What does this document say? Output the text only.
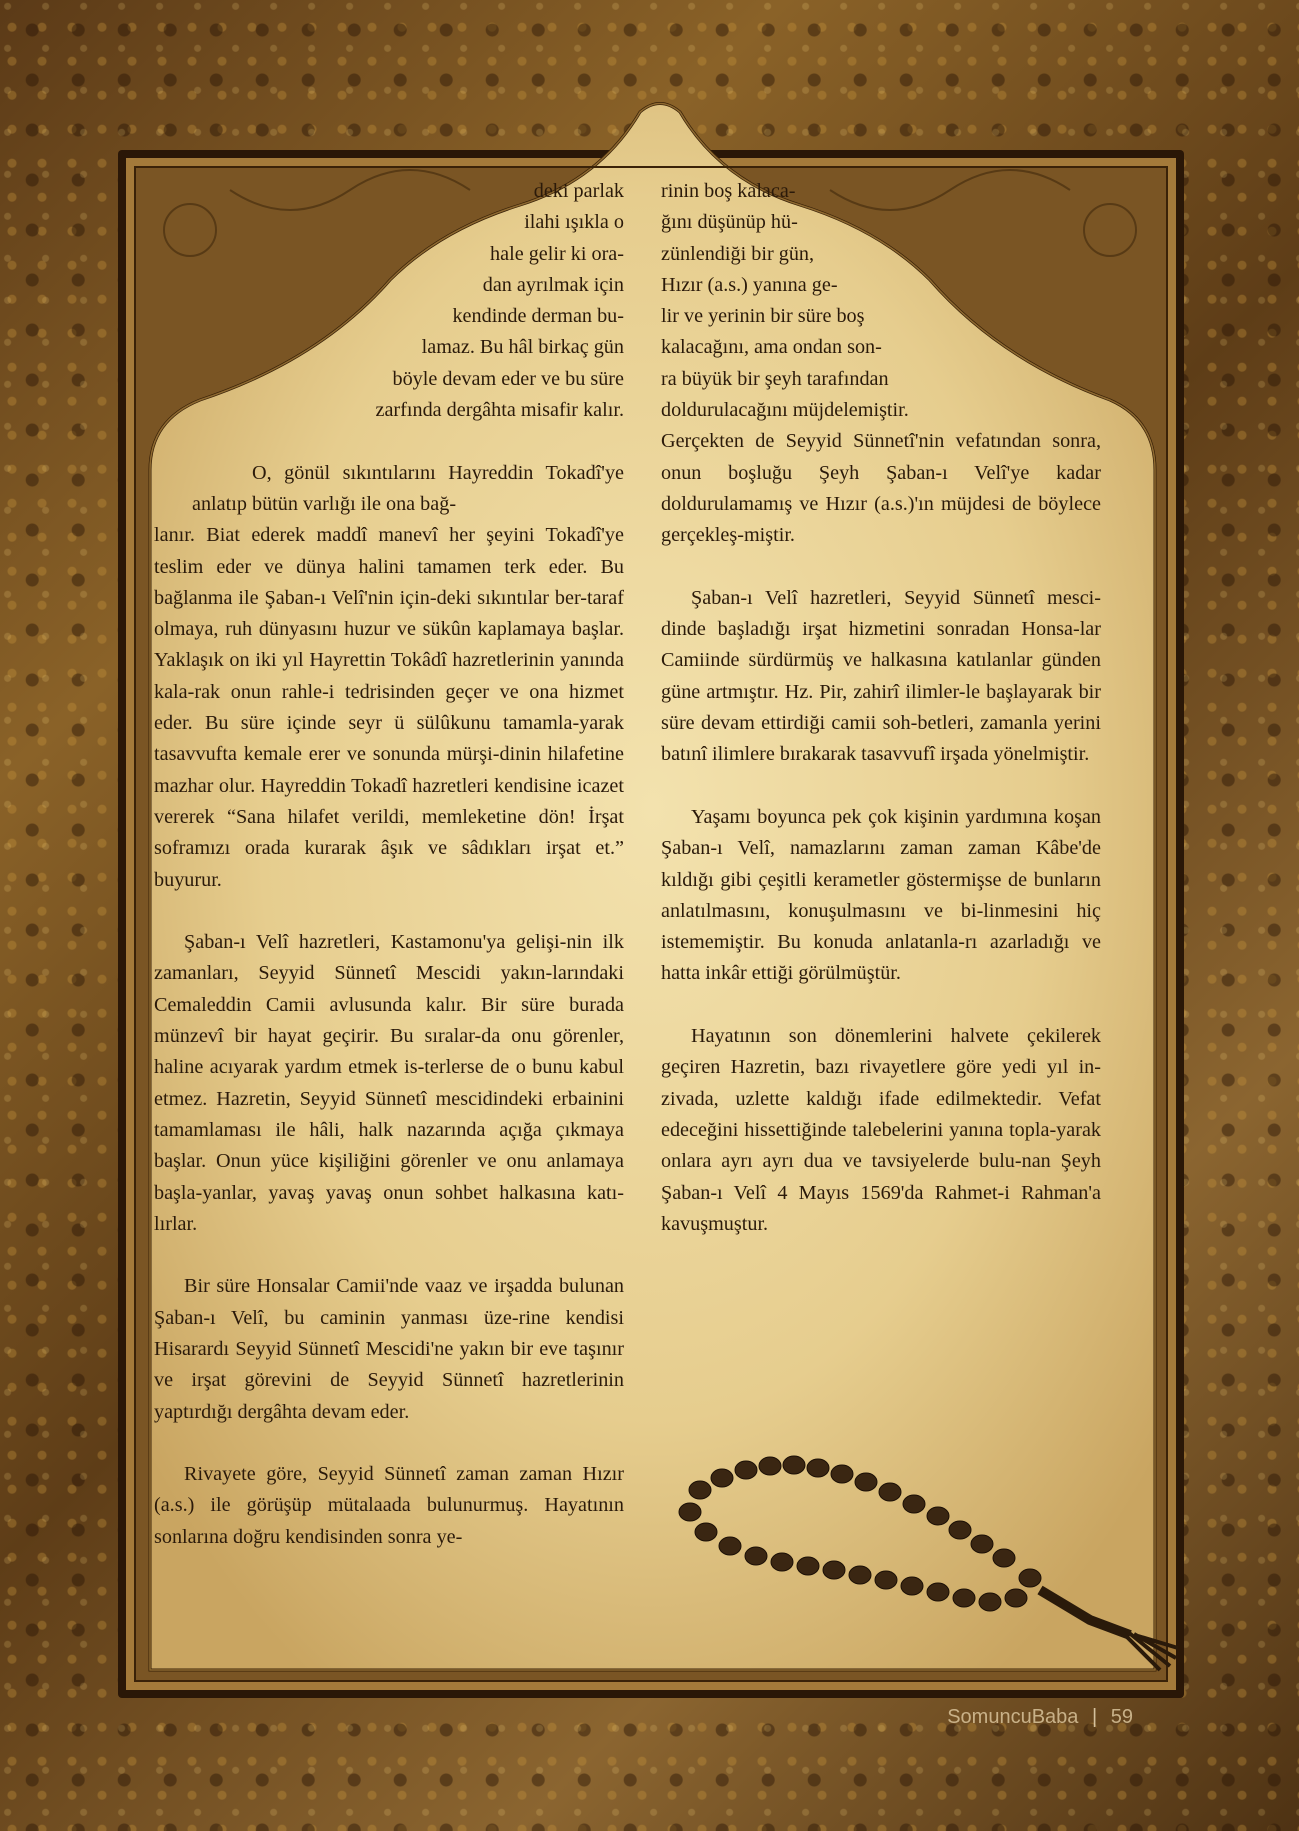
deki parlak
ilahi ışıkla o
hale gelir ki ora-
dan ayrılmak için
kendinde derman bu-
lamaz. Bu hâl birkaç gün
böyle devam eder ve bu süre
zarfında dergâhta misafir kalır.

O, gönül sıkıntılarını Hayreddin Tokadî'ye anlatıp bütün varlığı ile ona bağ-

lanır. Biat ederek maddî manevî her şeyini Tokadî'ye teslim eder ve dünya halini tamamen terk eder. Bu bağlanma ile Şaban-ı Velî'nin için-deki sıkıntılar ber-taraf olmaya, ruh dünyasını huzur ve sükûn kaplamaya başlar. Yaklaşık on iki yıl Hayrettin Tokâdî hazretlerinin yanında kala-rak onun rahle-i tedrisinden geçer ve ona hizmet eder. Bu süre içinde seyr ü sülûkunu tamamla-yarak tasavvufta kemale erer ve sonunda mürşi-dinin hilafetine mazhar olur. Hayreddin Tokadî hazretleri kendisine icazet vererek “Sana hilafet verildi, memleketine dön! İrşat soframızı orada kurarak âşık ve sâdıkları irşat et.” buyurur.

Şaban-ı Velî hazretleri, Kastamonu'ya gelişi-nin ilk zamanları, Seyyid Sünnetî Mescidi yakın-larındaki Cemaleddin Camii avlusunda kalır. Bir süre burada münzevî bir hayat geçirir. Bu sıralar-da onu görenler, haline acıyarak yardım etmek is-terlerse de o bunu kabul etmez. Hazretin, Seyyid Sünnetî mescidindeki erbainini tamamlaması ile hâli, halk nazarında açığa çıkmaya başlar. Onun yüce kişiliğini görenler ve onu anlamaya başla-yanlar, yavaş yavaş onun sohbet halkasına katı-lırlar.

Bir süre Honsalar Camii'nde vaaz ve irşadda bulunan Şaban-ı Velî, bu caminin yanması üze-rine kendisi Hisarardı Seyyid Sünnetî Mescidi'ne yakın bir eve taşınır ve irşat görevini de Seyyid Sünnetî hazretlerinin yaptırdığı dergâhta devam eder.

Rivayete göre, Seyyid Sünnetî zaman zaman Hızır (a.s.) ile görüşüp mütalaada bulunurmuş. Hayatının sonlarına doğru kendisinden sonra ye-

rinin boş kalaca-
ğını düşünüp hü-
zünlendiği bir gün,
Hızır (a.s.) yanına ge-
lir ve yerinin bir süre boş
kalacağını, ama ondan son-
ra büyük bir şeyh tarafından
doldurulacağını müjdelemiştir.

Gerçekten de Seyyid Sünnetî'nin vefatından sonra, onun boşluğu Şeyh Şaban-ı Velî'ye kadar doldurulamamış ve Hızır (a.s.)'ın müjdesi de böylece gerçekleş-miştir.

Şaban-ı Velî hazretleri, Seyyid Sünnetî mesci-dinde başladığı irşat hizmetini sonradan Honsa-lar Camiinde sürdürmüş ve halkasına katılanlar günden güne artmıştır. Hz. Pir, zahirî ilimler-le başlayarak bir süre devam ettirdiği camii soh-betleri, zamanla yerini batınî ilimlere bırakarak tasavvufî irşada yönelmiştir.

Yaşamı boyunca pek çok kişinin yardımına koşan Şaban-ı Velî, namazlarını zaman zaman Kâbe'de kıldığı gibi çeşitli kerametler göstermişse de bunların anlatılmasını, konuşulmasını ve bi-linmesini hiç istememiştir. Bu konuda anlatanla-rı azarladığı ve hatta inkâr ettiği görülmüştür.

Hayatının son dönemlerini halvete çekilerek geçiren Hazretin, bazı rivayetlere göre yedi yıl in-zivada, uzlette kaldığı ifade edilmektedir. Vefat edeceğini hissettiğinde talebelerini yanına topla-yarak onlara ayrı ayrı dua ve tavsiyelerde bulu-nan Şeyh Şaban-ı Velî 4 Mayıs 1569'da Rahmet-i Rahman'a kavuşmuştur.

SomuncuBaba | 59
